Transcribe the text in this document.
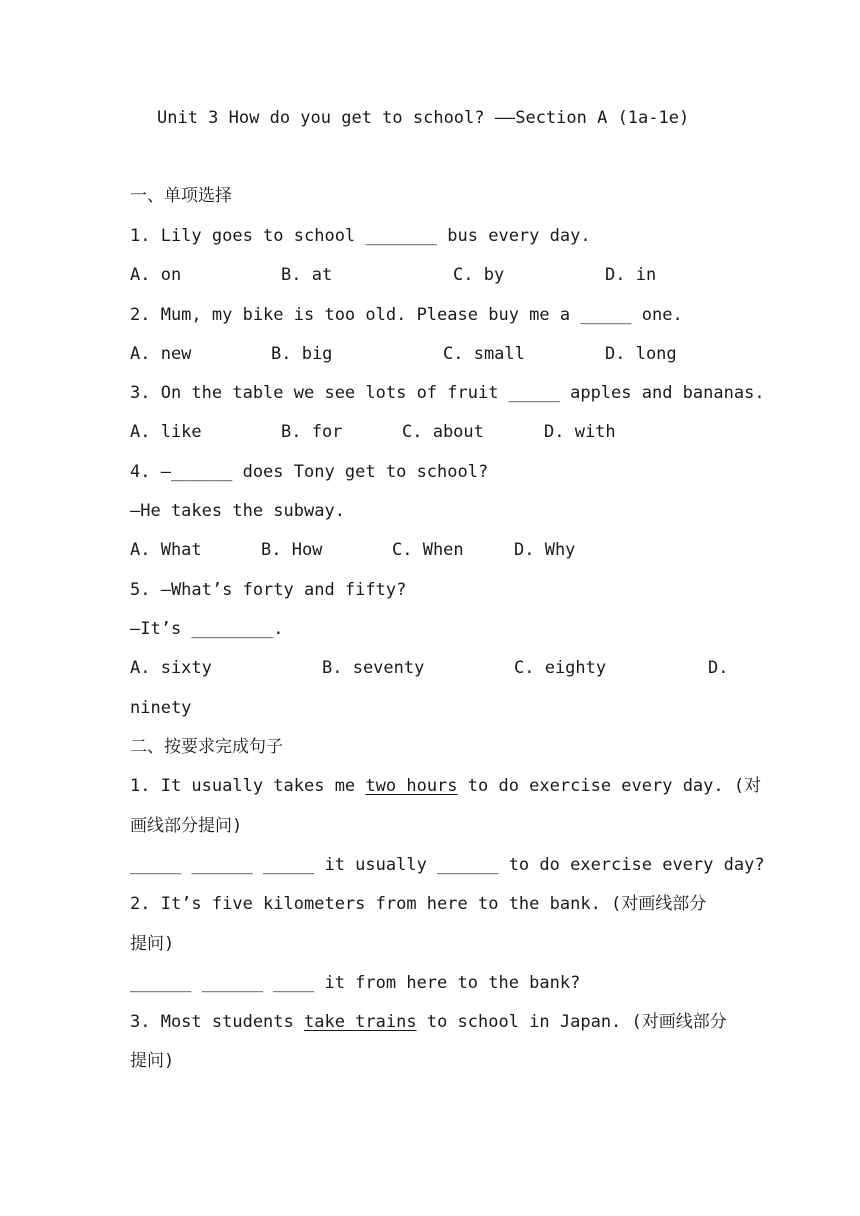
Unit 3 How do you get to school? ——Section A (1a-1e)
一、单项选择
1. Lily goes to school _______ bus every day.
A. on	B. at	C. by	D. in
2. Mum, my bike is too old. Please buy me a _____ one.
A. new	B. big	C. small	D. long
3. On the table we see lots of fruit _____ apples and bananas.
A. like	B. for	C. about	D. with
4. —______ does Tony get to school?
—He takes the subway.
A. What	B. How	C. When	D. Why
5. —What’s forty and fifty?
—It’s ________.
A. sixty	B. seventy	C. eighty	D.
ninety
二、按要求完成句子
1. It usually takes me two hours to do exercise every day. (对
画线部分提问)
_____ ______ _____ it usually ______ to do exercise every day?
2. It’s five kilometers from here to the bank. (对画线部分
提问)
______ ______ ____ it from here to the bank?
3. Most students take trains to school in Japan. (对画线部分
提问)
